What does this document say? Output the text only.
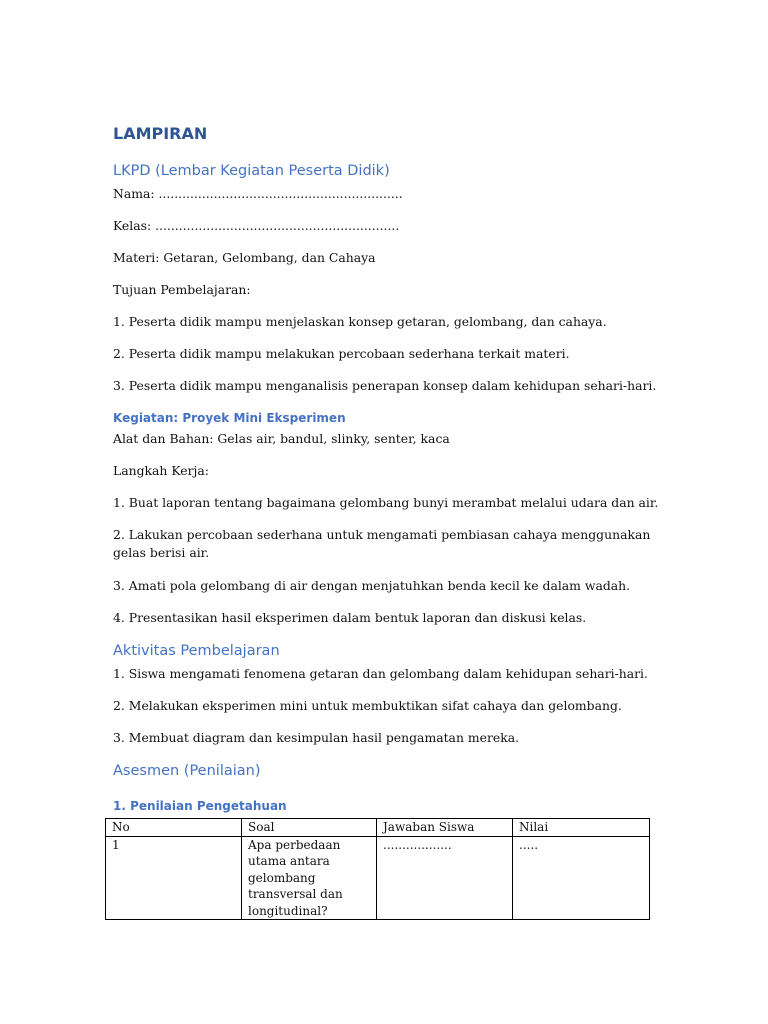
LAMPIRAN
LKPD (Lembar Kegiatan Peserta Didik)
Nama: ..............................................................
Kelas: ..............................................................
Materi: Getaran, Gelombang, dan Cahaya
Tujuan Pembelajaran:
1. Peserta didik mampu menjelaskan konsep getaran, gelombang, dan cahaya.
2. Peserta didik mampu melakukan percobaan sederhana terkait materi.
3. Peserta didik mampu menganalisis penerapan konsep dalam kehidupan sehari-hari.
Kegiatan: Proyek Mini Eksperimen
Alat dan Bahan: Gelas air, bandul, slinky, senter, kaca
Langkah Kerja:
1. Buat laporan tentang bagaimana gelombang bunyi merambat melalui udara dan air.
2. Lakukan percobaan sederhana untuk mengamati pembiasan cahaya menggunakan gelas berisi air.
3. Amati pola gelombang di air dengan menjatuhkan benda kecil ke dalam wadah.
4. Presentasikan hasil eksperimen dalam bentuk laporan dan diskusi kelas.
Aktivitas Pembelajaran
1. Siswa mengamati fenomena getaran dan gelombang dalam kehidupan sehari-hari.
2. Melakukan eksperimen mini untuk membuktikan sifat cahaya dan gelombang.
3. Membuat diagram dan kesimpulan hasil pengamatan mereka.
Asesmen (Penilaian)
1. Penilaian Pengetahuan
No	Soal	Jawaban Siswa	Nilai
1	Apa perbedaan utama antara gelombang transversal dan longitudinal?	..................	.....
